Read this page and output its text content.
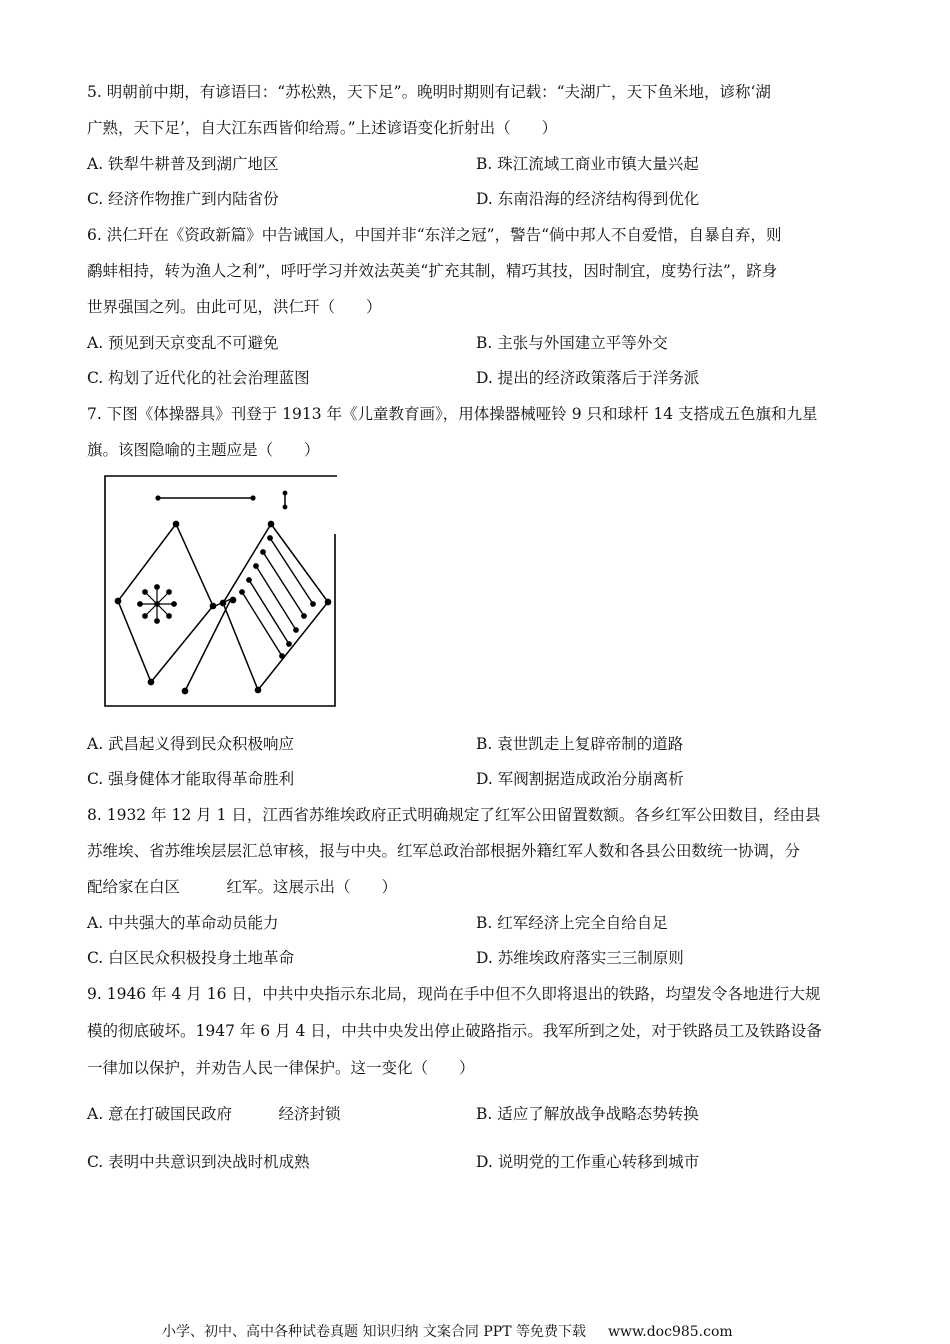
5. 明朝前中期，有谚语曰：“苏松熟，天下足”。晚明时期则有记载：“夫湖广，天下鱼米地，谚称‘湖
广熟，天下足’，自大江东西皆仰给焉。”上述谚语变化折射出（　　）
A. 铁犁牛耕普及到湖广地区	B. 珠江流域工商业市镇大量兴起
C. 经济作物推广到内陆省份	D. 东南沿海的经济结构得到优化
6. 洪仁玕在《资政新篇》中告诫国人，中国并非“东洋之冠”，警告“倘中邦人不自爱惜，自暴自弃，则
鹬蚌相持，转为渔人之利”，呼吁学习并效法英美“扩充其制，精巧其技，因时制宜，度势行法”，跻身
世界强国之列。由此可见，洪仁玕（　　）
A. 预见到天京变乱不可避免	B. 主张与外国建立平等外交
C. 构划了近代化的社会治理蓝图	D. 提出的经济政策落后于洋务派
7. 下图《体操器具》刊登于 1913 年《儿童教育画》，用体操器械哑铃 9 只和球杆 14 支搭成五色旗和九星
旗。该图隐喻的主题应是（　　）
A. 武昌起义得到民众积极响应	B. 袁世凯走上复辟帝制的道路
C. 强身健体才能取得革命胜利	D. 军阀割据造成政治分崩离析
8. 1932 年 12 月 1 日，江西省苏维埃政府正式明确规定了红军公田留置数额。各乡红军公田数目，经由县
苏维埃、省苏维埃层层汇总审核，报与中央。红军总政治部根据外籍红军人数和各县公田数统一协调，分
配给家在白区　　　红军。这展示出（　　）
A. 中共强大的革命动员能力	B. 红军经济上完全自给自足
C. 白区民众积极投身土地革命	D. 苏维埃政府落实三三制原则
9. 1946 年 4 月 16 日，中共中央指示东北局，现尚在手中但不久即将退出的铁路，均望发令各地进行大规
模的彻底破坏。1947 年 6 月 4 日，中共中央发出停止破路指示。我军所到之处，对于铁路员工及铁路设备
一律加以保护，并劝告人民一律保护。这一变化（　　）
A. 意在打破国民政府　　　经济封锁	B. 适应了解放战争战略态势转换
C. 表明中共意识到决战时机成熟	D. 说明党的工作重心转移到城市
小学、初中、高中各种试卷真题 知识归纳 文案合同 PPT 等免费下载 www.doc985.com
